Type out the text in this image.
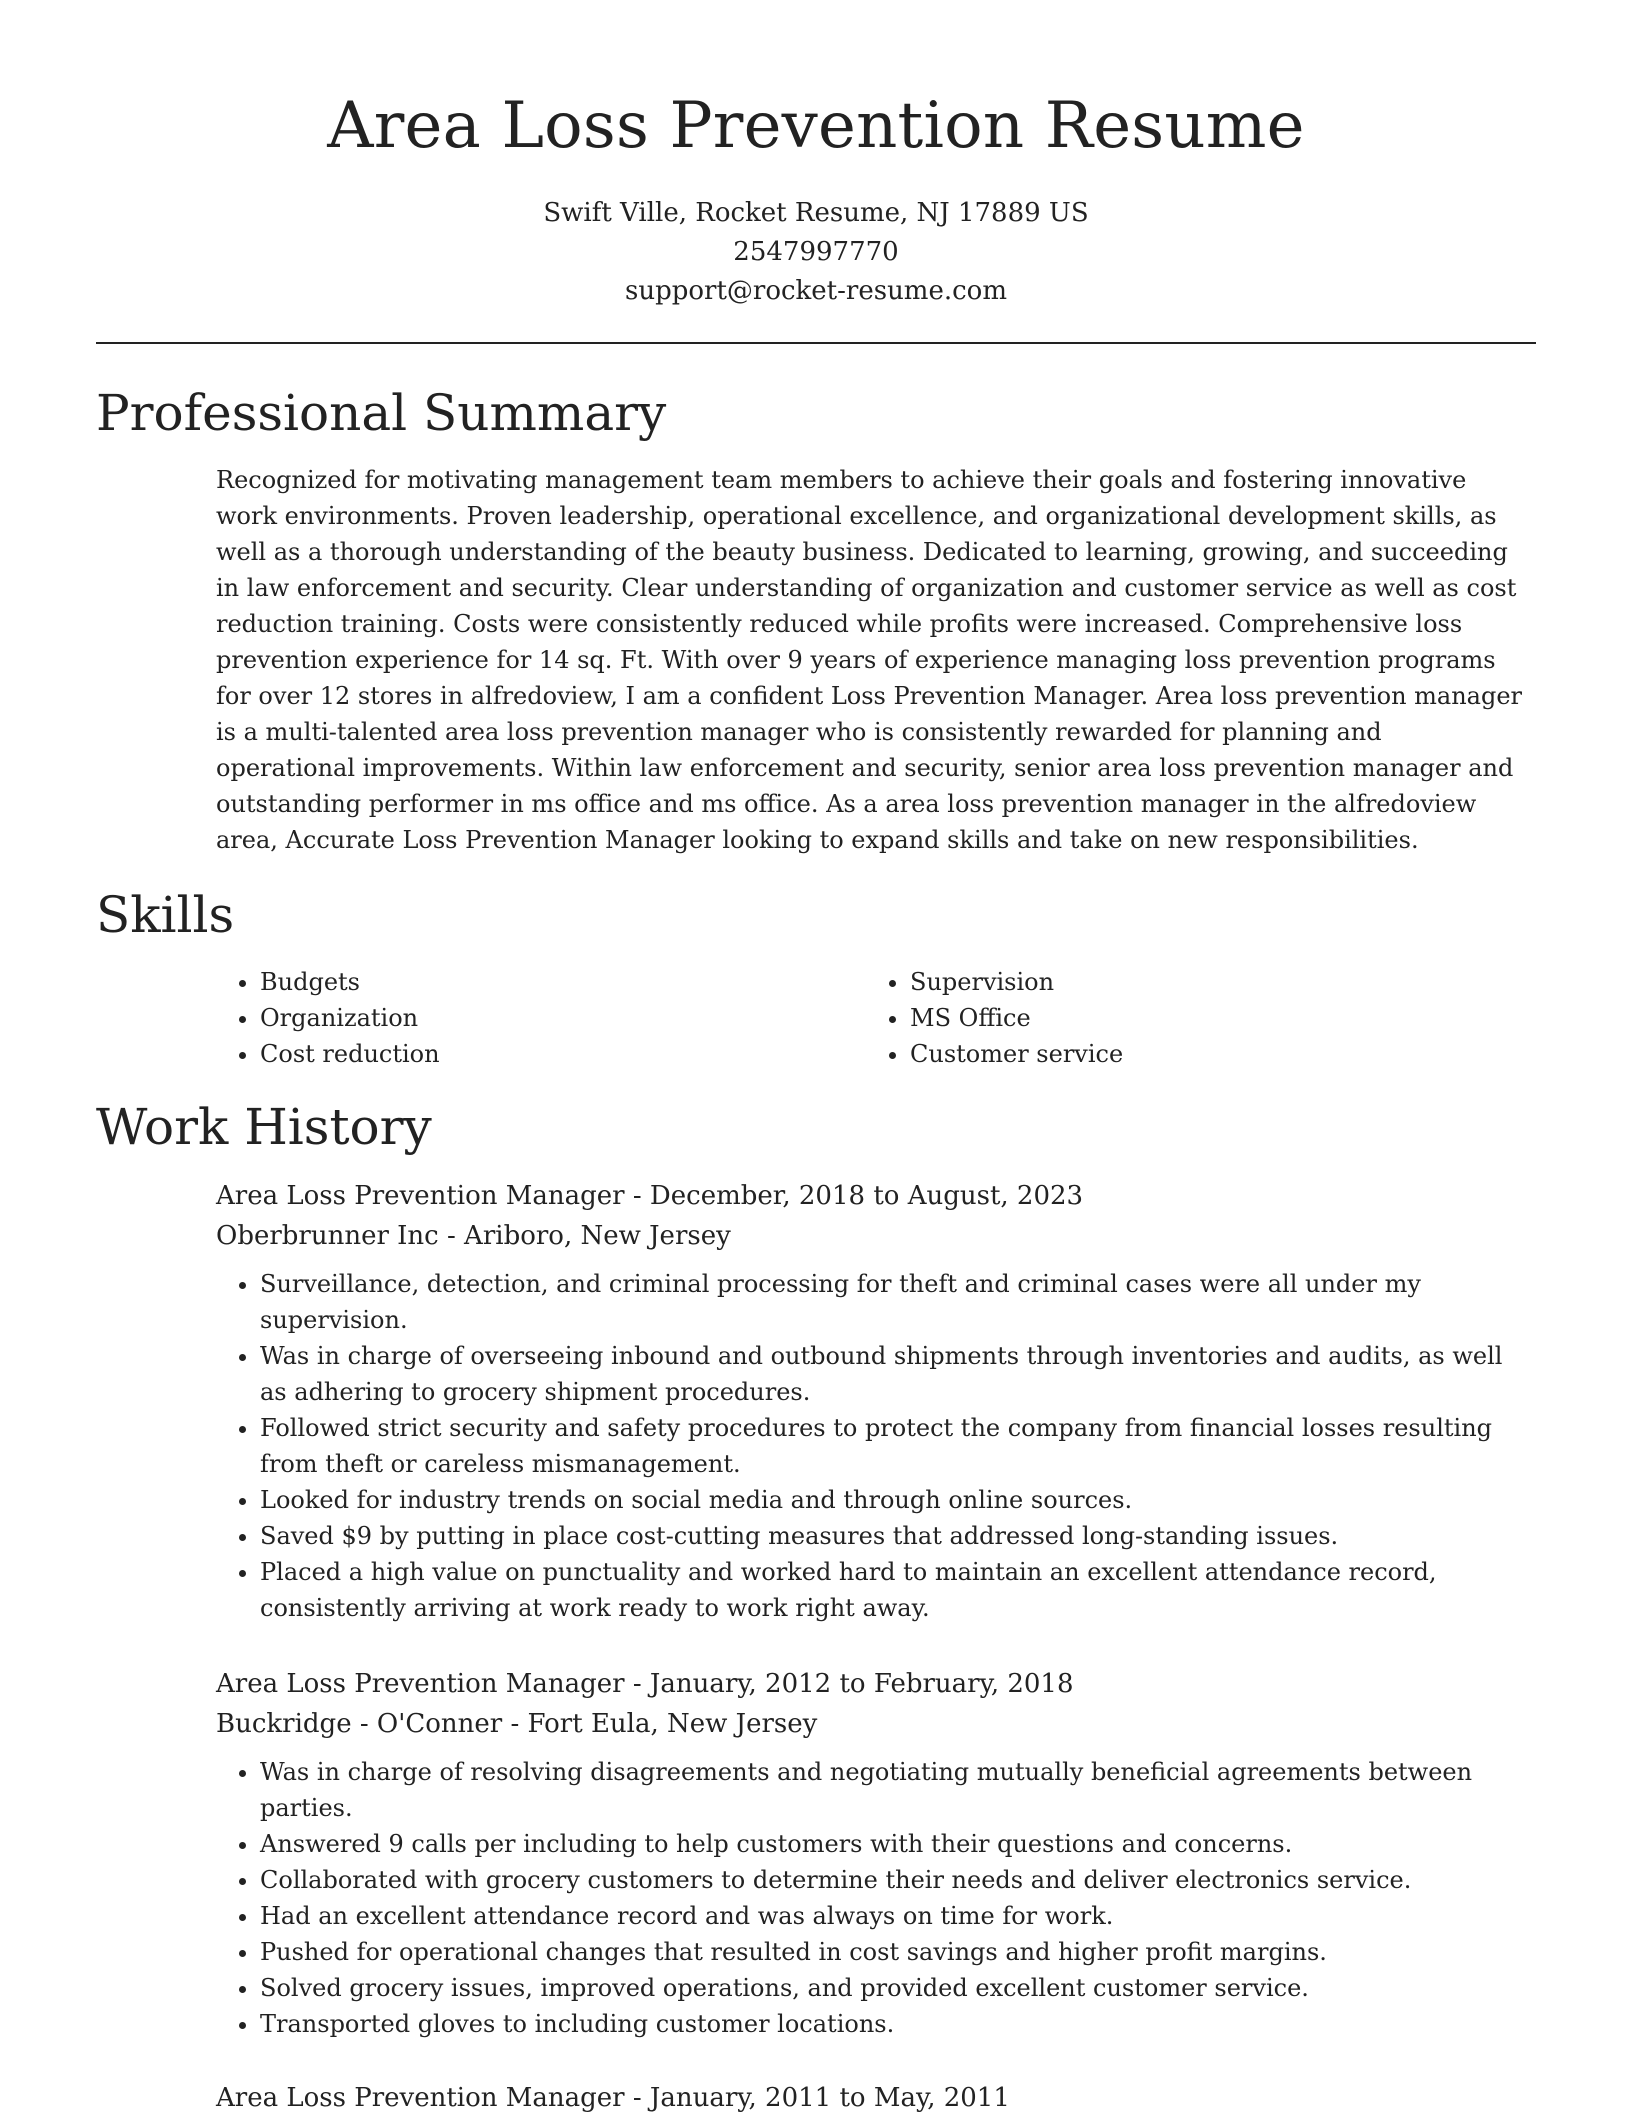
Area Loss Prevention Resume

Swift Ville, Rocket Resume, NJ 17889 US

2547997770

support@rocket-resume.com

Professional Summary

Recognized for motivating management team members to achieve their goals and fostering innovative work environments. Proven leadership, operational excellence, and organizational development skills, as well as a thorough understanding of the beauty business. Dedicated to learning, growing, and succeeding in law enforcement and security. Clear understanding of organization and customer service as well as cost reduction training. Costs were consistently reduced while profits were increased. Comprehensive loss prevention experience for 14 sq. Ft. With over 9 years of experience managing loss prevention programs for over 12 stores in alfredoview, I am a confident Loss Prevention Manager. Area loss prevention manager is a multi-talented area loss prevention manager who is consistently rewarded for planning and operational improvements. Within law enforcement and security, senior area loss prevention manager and outstanding performer in ms office and ms office. As a area loss prevention manager in the alfredoview area, Accurate Loss Prevention Manager looking to expand skills and take on new responsibilities.

Skills
• Budgets
• Organization
• Cost reduction
• Supervision
• MS Office
• Customer service
Work History

Area Loss Prevention Manager - December, 2018 to August, 2023

Oberbrunner Inc - Ariboro, New Jersey

• Surveillance, detection, and criminal processing for theft and criminal cases were all under my supervision.
• Was in charge of overseeing inbound and outbound shipments through inventories and audits, as well as adhering to grocery shipment procedures.
• Followed strict security and safety procedures to protect the company from financial losses resulting from theft or careless mismanagement.
• Looked for industry trends on social media and through online sources.
• Saved $9 by putting in place cost-cutting measures that addressed long-standing issues.
• Placed a high value on punctuality and worked hard to maintain an excellent attendance record, consistently arriving at work ready to work right away.

Area Loss Prevention Manager - January, 2012 to February, 2018

Buckridge - O'Conner - Fort Eula, New Jersey

• Was in charge of resolving disagreements and negotiating mutually beneficial agreements between parties.
• Answered 9 calls per including to help customers with their questions and concerns.
• Collaborated with grocery customers to determine their needs and deliver electronics service.
• Had an excellent attendance record and was always on time for work.
• Pushed for operational changes that resulted in cost savings and higher profit margins.
• Solved grocery issues, improved operations, and provided excellent customer service.
• Transported gloves to including customer locations.

Area Loss Prevention Manager - January, 2011 to May, 2011
